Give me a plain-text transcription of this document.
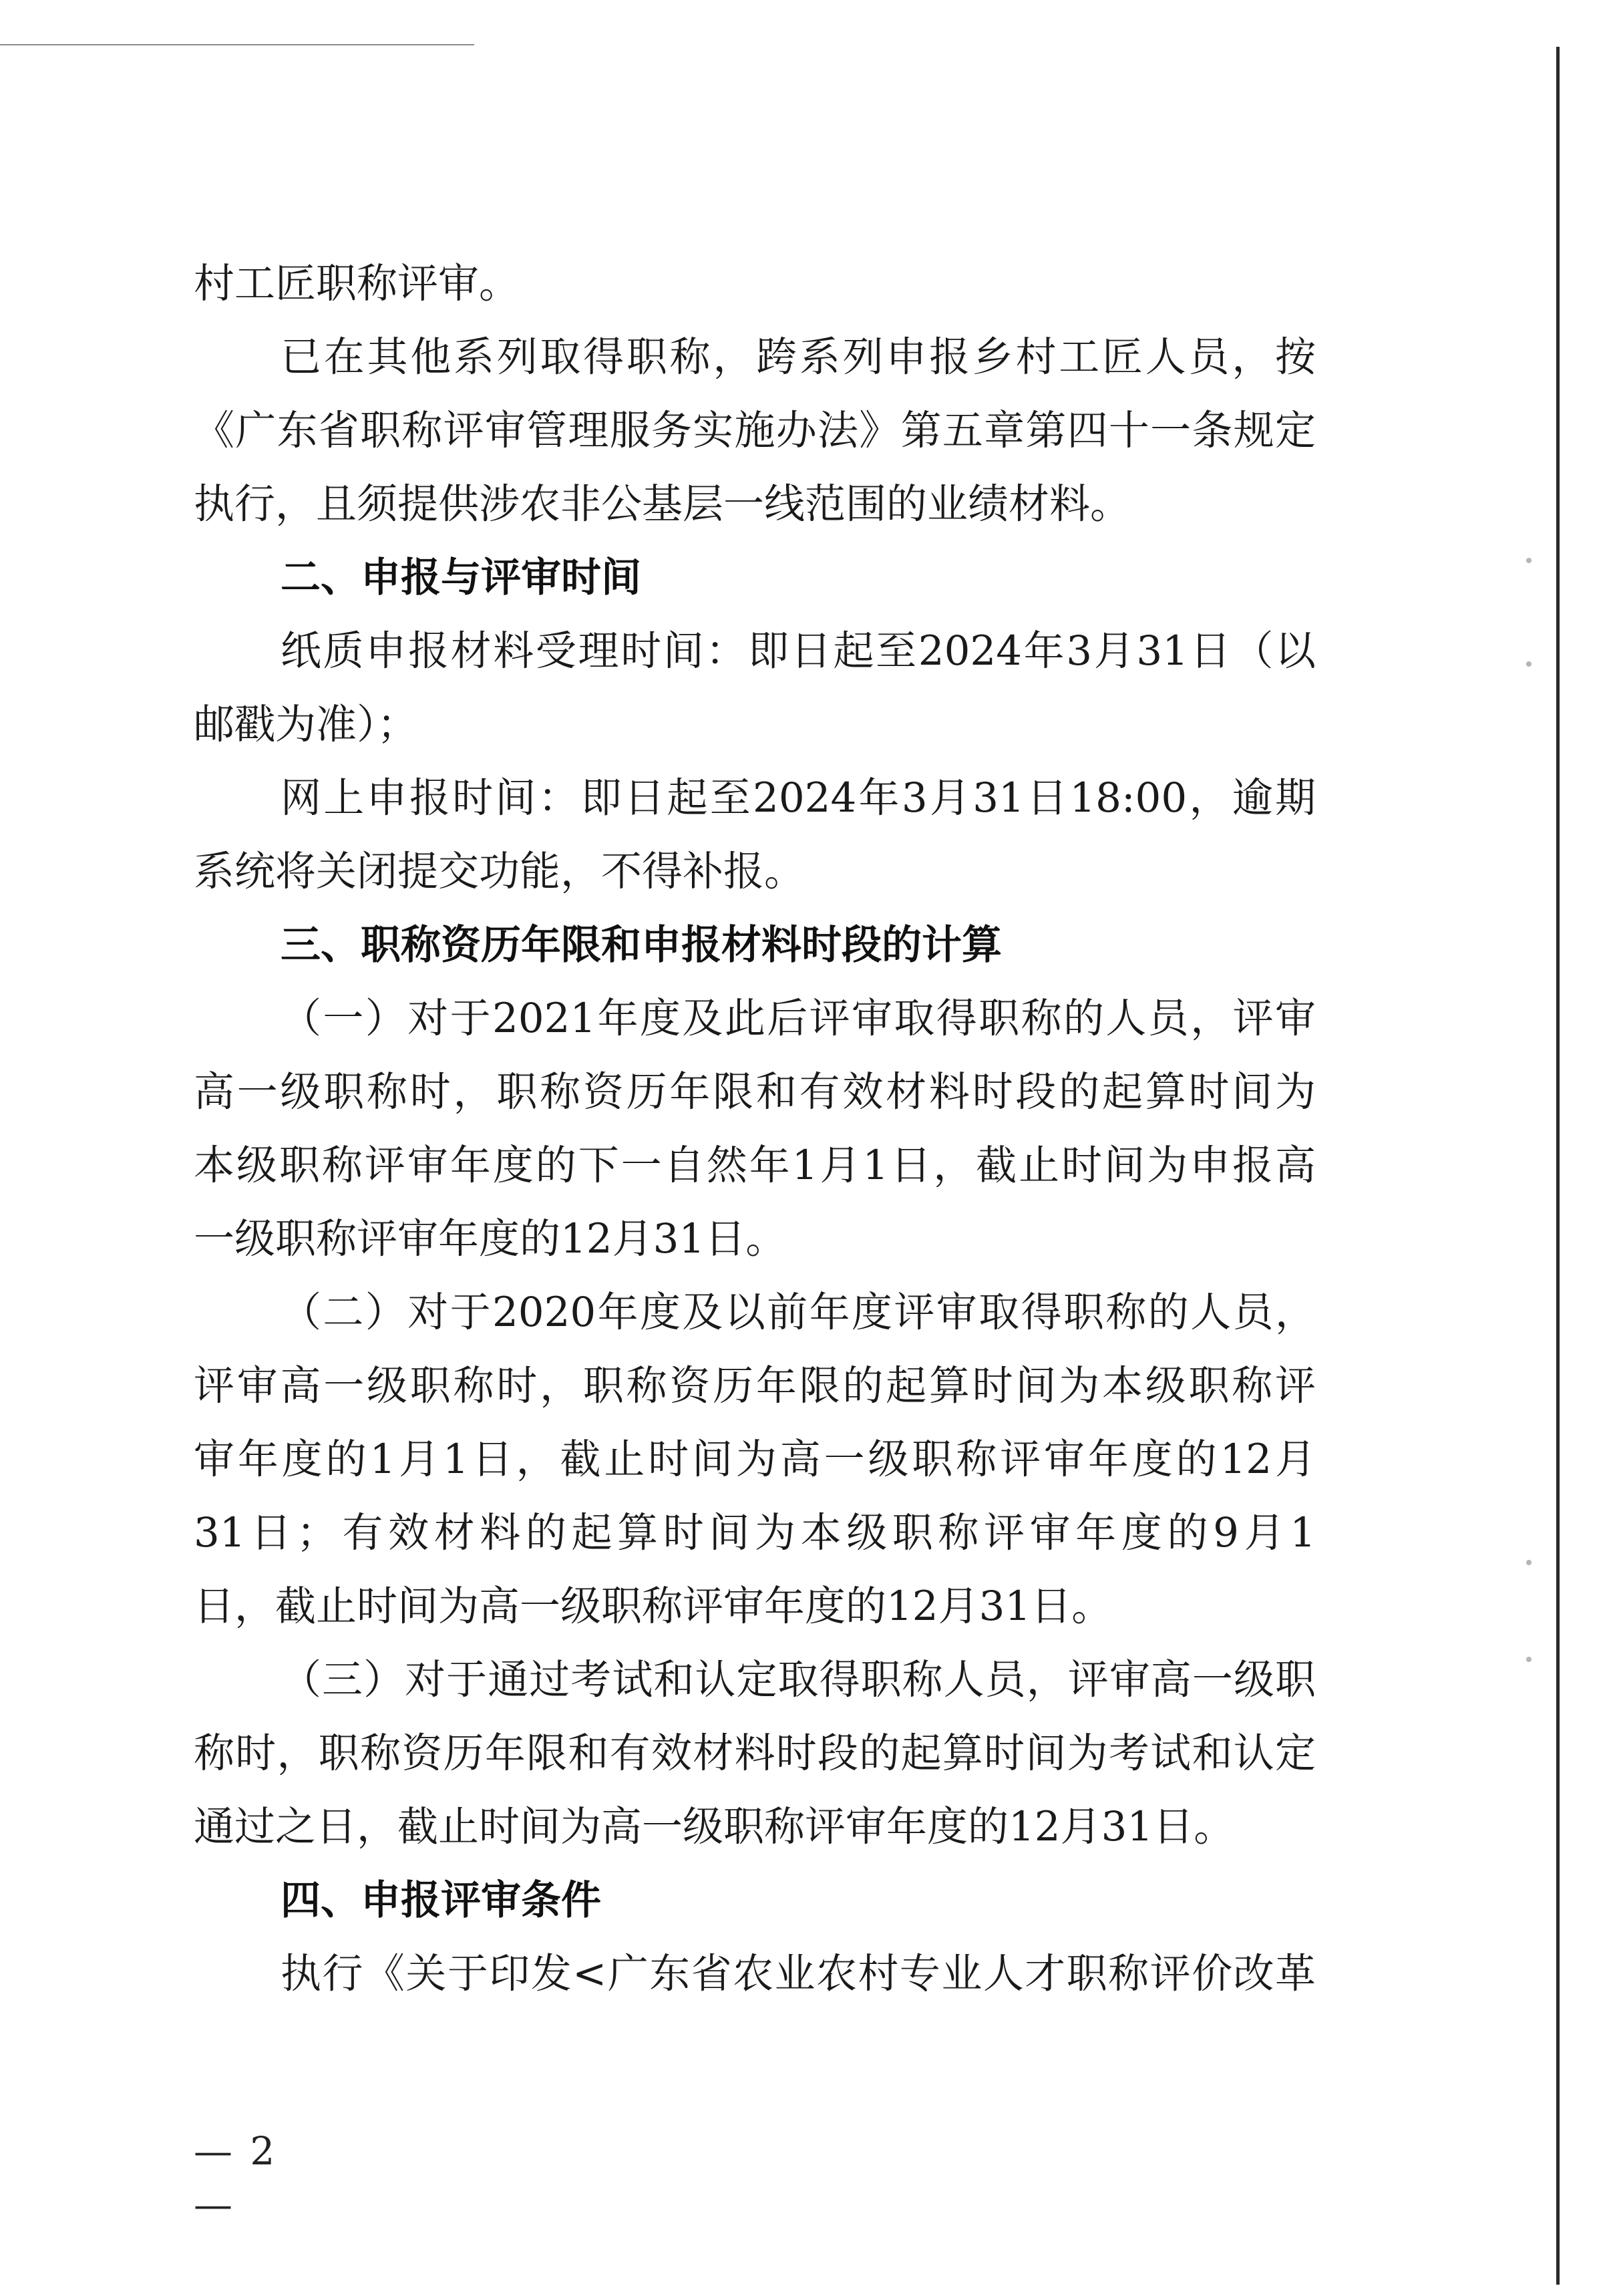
村工匠职称评审。
已在其他系列取得职称，跨系列申报乡村工匠人员，按
《广东省职称评审管理服务实施办法》第五章第四十一条规定
执行，且须提供涉农非公基层一线范围的业绩材料。
二、申报与评审时间
纸质申报材料受理时间：即日起至2024年3月31日（以
邮戳为准）；
网上申报时间：即日起至2024年3月31日18:00，逾期
系统将关闭提交功能，不得补报。
三、职称资历年限和申报材料时段的计算
（一）对于2021年度及此后评审取得职称的人员，评审
高一级职称时，职称资历年限和有效材料时段的起算时间为
本级职称评审年度的下一自然年1月1日，截止时间为申报高
一级职称评审年度的12月31日。
（二）对于2020年度及以前年度评审取得职称的人员，
评审高一级职称时，职称资历年限的起算时间为本级职称评
审年度的1月1日，截止时间为高一级职称评审年度的12月
31日；有效材料的起算时间为本级职称评审年度的9月1
日，截止时间为高一级职称评审年度的12月31日。
（三）对于通过考试和认定取得职称人员，评审高一级职
称时，职称资历年限和有效材料时段的起算时间为考试和认定
通过之日，截止时间为高一级职称评审年度的12月31日。
四、申报评审条件
执行《关于印发<广东省农业农村专业人才职称评价改革
— 2 —
